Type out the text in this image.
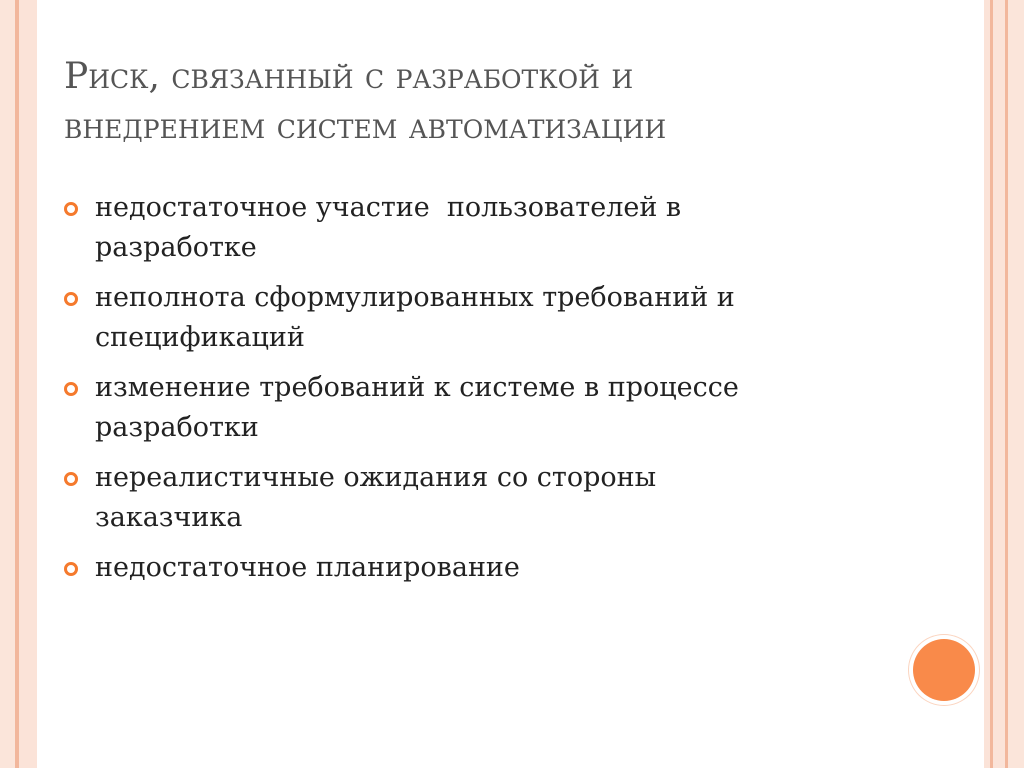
Риск, связанный с разработкой и
внедрением систем автоматизации
недостаточное участие  пользователей в
разработке
неполнота сформулированных требований и
спецификаций
изменение требований к системе в процессе
разработки
нереалистичные ожидания со стороны
заказчика
недостаточное планирование
